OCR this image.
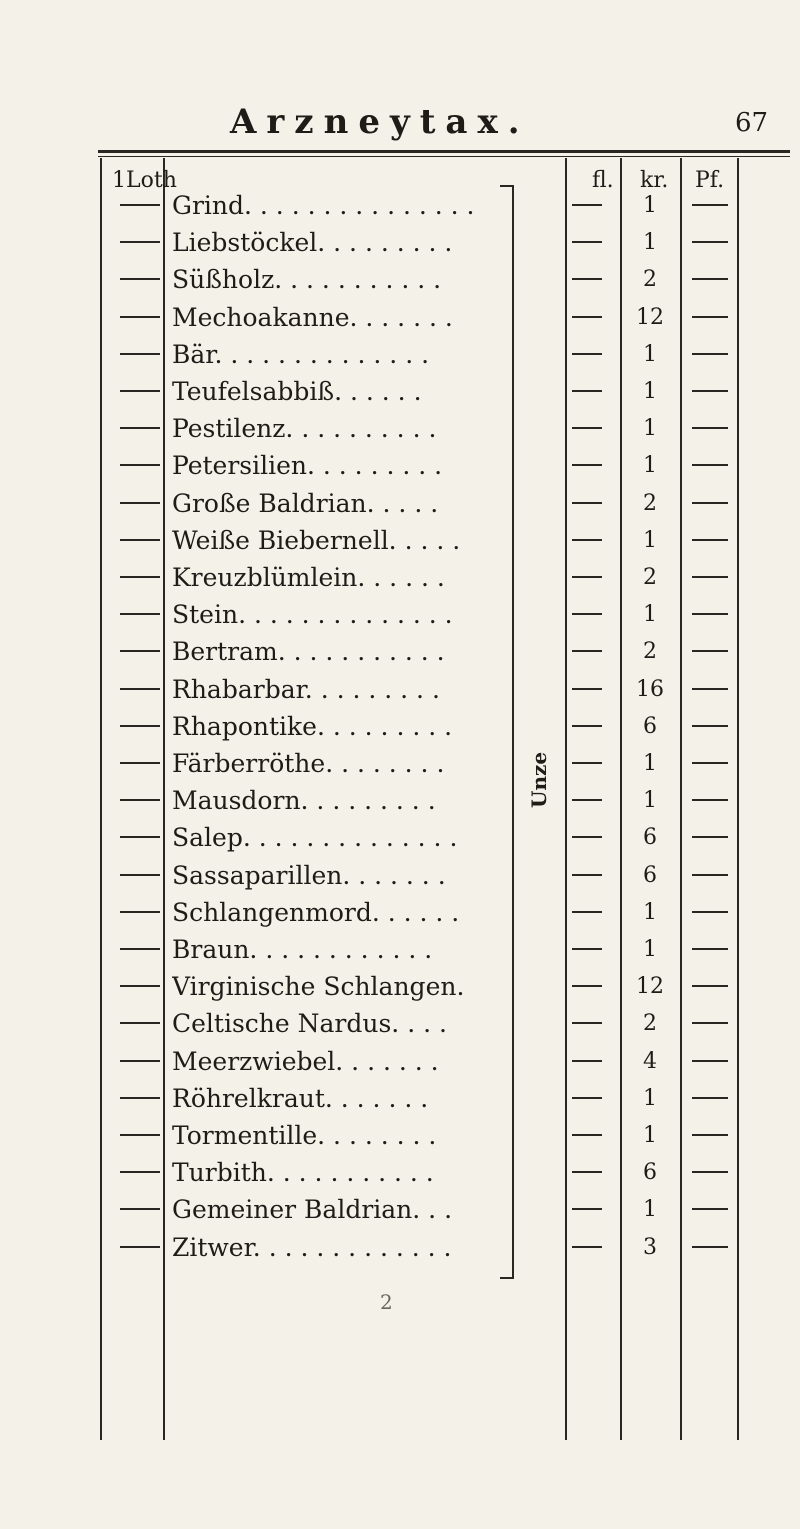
Arzneytax.	67
1Loth	fl. kr. Pf.
Unze
Grind. . . . . . . . . . . . . . .	1
Liebstöckel. . . . . . . . .	1
Süßholz. . . . . . . . . . .	2
Mechoakanne. . . . . . .	12
Bär. . . . . . . . . . . . . .	1
Teufelsabbiß. . . . . .	1
Pestilenz. . . . . . . . . .	1
Petersilien. . . . . . . . .	1
Große Baldrian. . . . .	2
Weiße Biebernell. . . . .	1
Kreuzblümlein. . . . . .	2
Stein. . . . . . . . . . . . . .	1
Bertram. . . . . . . . . . .	2
Rhabarbar. . . . . . . . .	16
Rhapontike. . . . . . . . .	6
Färberröthe. . . . . . . .	1
Mausdorn. . . . . . . . .	1
Salep. . . . . . . . . . . . . .	6
Sassaparillen. . . . . . .	6
Schlangenmord. . . . . .	1
Braun. . . . . . . . . . . .	1
Virginische Schlangen.	12
Celtische Nardus. . . .	2
Meerzwiebel. . . . . . .	4
Röhrelkraut. . . . . . .	1
Tormentille. . . . . . . .	1
Turbith. . . . . . . . . . .	6
Gemeiner Baldrian. . .	1
Zitwer. . . . . . . . . . . . .	3
2
